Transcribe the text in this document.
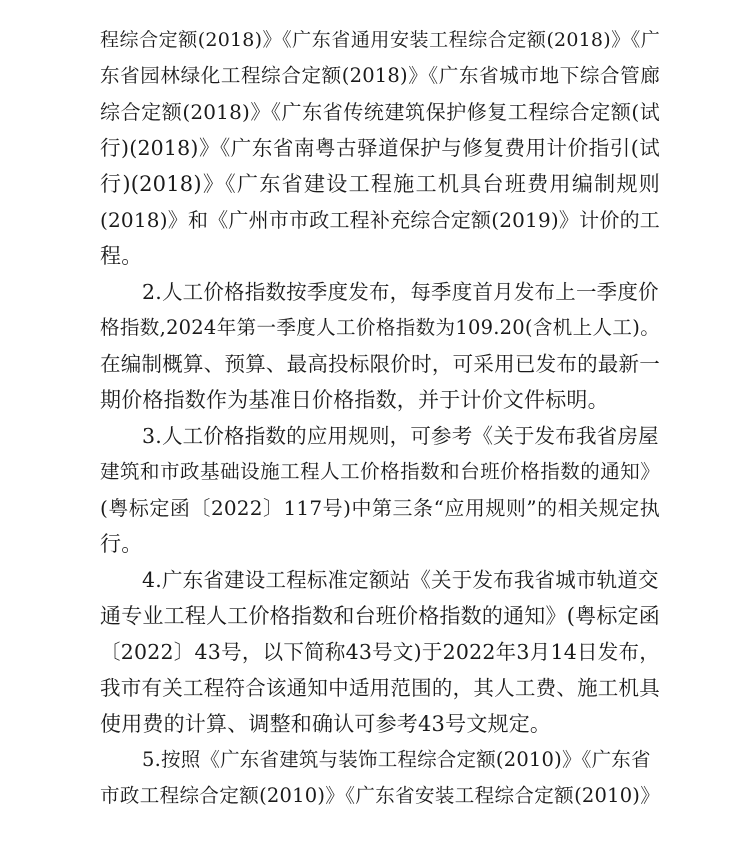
程综合定额(2018)》《广东省通用安装工程综合定额(2018)》《广
东省园林绿化工程综合定额(2018)》《广东省城市地下综合管廊
综合定额(2018)》《广东省传统建筑保护修复工程综合定额(试
行)(2018)》《广东省南粤古驿道保护与修复费用计价指引(试
行)(2018)》《广东省建设工程施工机具台班费用编制规则
(2018)》和《广州市市政工程补充综合定额(2019)》计价的工
程。
2.人工价格指数按季度发布，每季度首月发布上一季度价
格指数,2024年第一季度人工价格指数为109.20(含机上人工)。
在编制概算、预算、最高投标限价时，可采用已发布的最新一
期价格指数作为基准日价格指数，并于计价文件标明。
3.人工价格指数的应用规则，可参考《关于发布我省房屋
建筑和市政基础设施工程人工价格指数和台班价格指数的通知》
(粤标定函〔2022〕117号)中第三条“应用规则”的相关规定执
行。
4.广东省建设工程标准定额站《关于发布我省城市轨道交
通专业工程人工价格指数和台班价格指数的通知》(粤标定函
〔2022〕43号，以下简称43号文)于2022年3月14日发布，
我市有关工程符合该通知中适用范围的，其人工费、施工机具
使用费的计算、调整和确认可参考43号文规定。
5.按照《广东省建筑与装饰工程综合定额(2010)》《广东省
市政工程综合定额(2010)》《广东省安装工程综合定额(2010)》
